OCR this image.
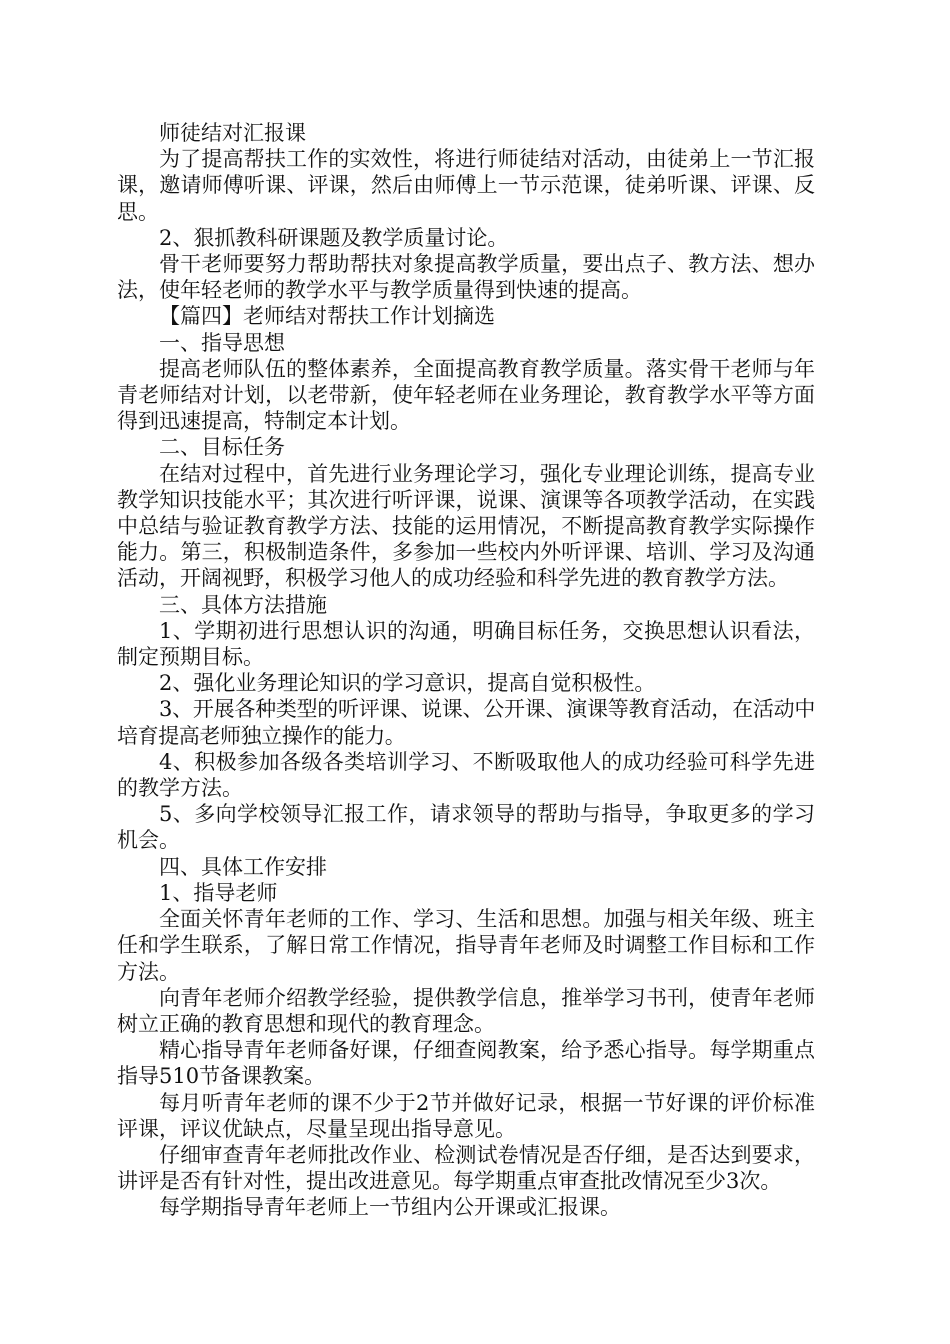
师徒结对汇报课

为了提高帮扶工作的实效性，将进行师徒结对活动，由徒弟上一节汇报课，邀请师傅听课、评课，然后由师傅上一节示范课，徒弟听课、评课、反思。

2、狠抓教科研课题及教学质量讨论。

骨干老师要努力帮助帮扶对象提高教学质量，要出点子、教方法、想办法，使年轻老师的教学水平与教学质量得到快速的提高。

【篇四】老师结对帮扶工作计划摘选

一、指导思想

提高老师队伍的整体素养，全面提高教育教学质量。落实骨干老师与年青老师结对计划，以老带新，使年轻老师在业务理论，教育教学水平等方面得到迅速提高，特制定本计划。

二、目标任务

在结对过程中，首先进行业务理论学习，强化专业理论训练，提高专业教学知识技能水平；其次进行听评课，说课、演课等各项教学活动，在实践中总结与验证教育教学方法、技能的运用情况，不断提高教育教学实际操作能力。第三，积极制造条件，多参加一些校内外听评课、培训、学习及沟通活动，开阔视野，积极学习他人的成功经验和科学先进的教育教学方法。

三、具体方法措施

1、学期初进行思想认识的沟通，明确目标任务，交换思想认识看法，制定预期目标。

2、强化业务理论知识的学习意识，提高自觉积极性。

3、开展各种类型的听评课、说课、公开课、演课等教育活动，在活动中培育提高老师独立操作的能力。

4、积极参加各级各类培训学习、不断吸取他人的成功经验可科学先进的教学方法。

5、多向学校领导汇报工作，请求领导的帮助与指导，争取更多的学习机会。

四、具体工作安排

1、指导老师

全面关怀青年老师的工作、学习、生活和思想。加强与相关年级、班主任和学生联系，了解日常工作情况，指导青年老师及时调整工作目标和工作方法。

向青年老师介绍教学经验，提供教学信息，推举学习书刊，使青年老师树立正确的教育思想和现代的教育理念。

精心指导青年老师备好课，仔细查阅教案，给予悉心指导。每学期重点指导510节备课教案。

每月听青年老师的课不少于2节并做好记录，根据一节好课的评价标准评课，评议优缺点，尽量呈现出指导意见。

仔细审查青年老师批改作业、检测试卷情况是否仔细，是否达到要求，讲评是否有针对性，提出改进意见。每学期重点审查批改情况至少3次。

每学期指导青年老师上一节组内公开课或汇报课。
